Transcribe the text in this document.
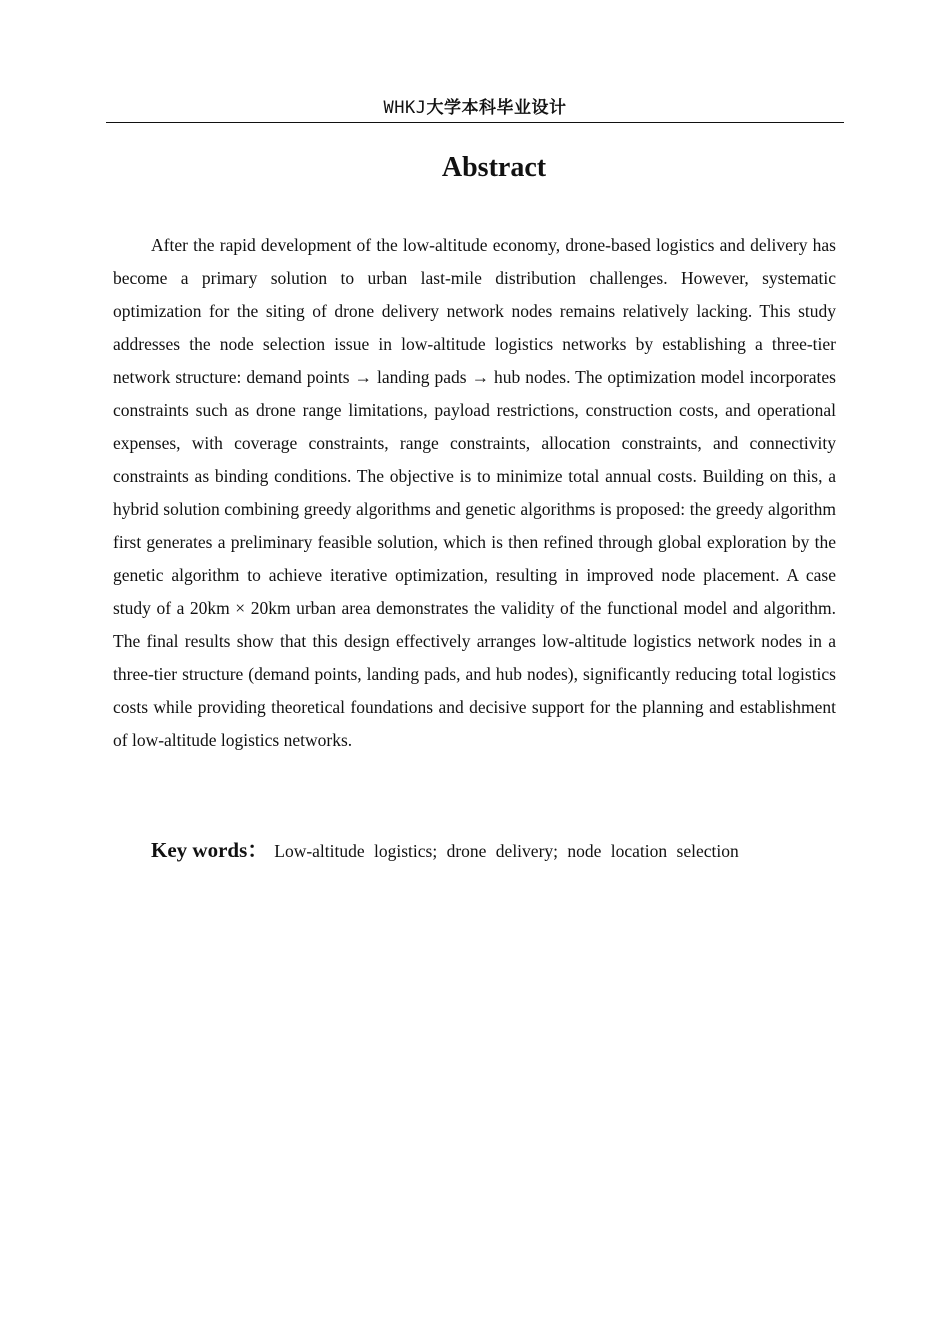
WHKJ大学本科毕业设计
Abstract

After the rapid development of the low-altitude economy, drone-based logistics and delivery has become a primary solution to urban last-mile distribution challenges. However, systematic optimization for the siting of drone delivery network nodes remains relatively lacking. This study addresses the node selection issue in low-altitude logistics networks by establishing a three-tier network structure: demand points → landing pads → hub nodes. The optimization model incorporates constraints such as drone range limitations, payload restrictions, construction costs, and operational expenses, with coverage constraints, range constraints, allocation constraints, and connectivity constraints as binding conditions. The objective is to minimize total annual costs. Building on this, a hybrid solution combining greedy algorithms and genetic algorithms is proposed: the greedy algorithm first generates a preliminary feasible solution, which is then refined through global exploration by the genetic algorithm to achieve iterative optimization, resulting in improved node placement. A case study of a 20km × 20km urban area demonstrates the validity of the functional model and algorithm. The final results show that this design effectively arranges low-altitude logistics network nodes in a three-tier structure (demand points, landing pads, and hub nodes), significantly reducing total logistics costs while providing theoretical foundations and decisive support for the planning and establishment of low-altitude logistics networks.

Key words： Low-altitude logistics; drone delivery; node location selection
